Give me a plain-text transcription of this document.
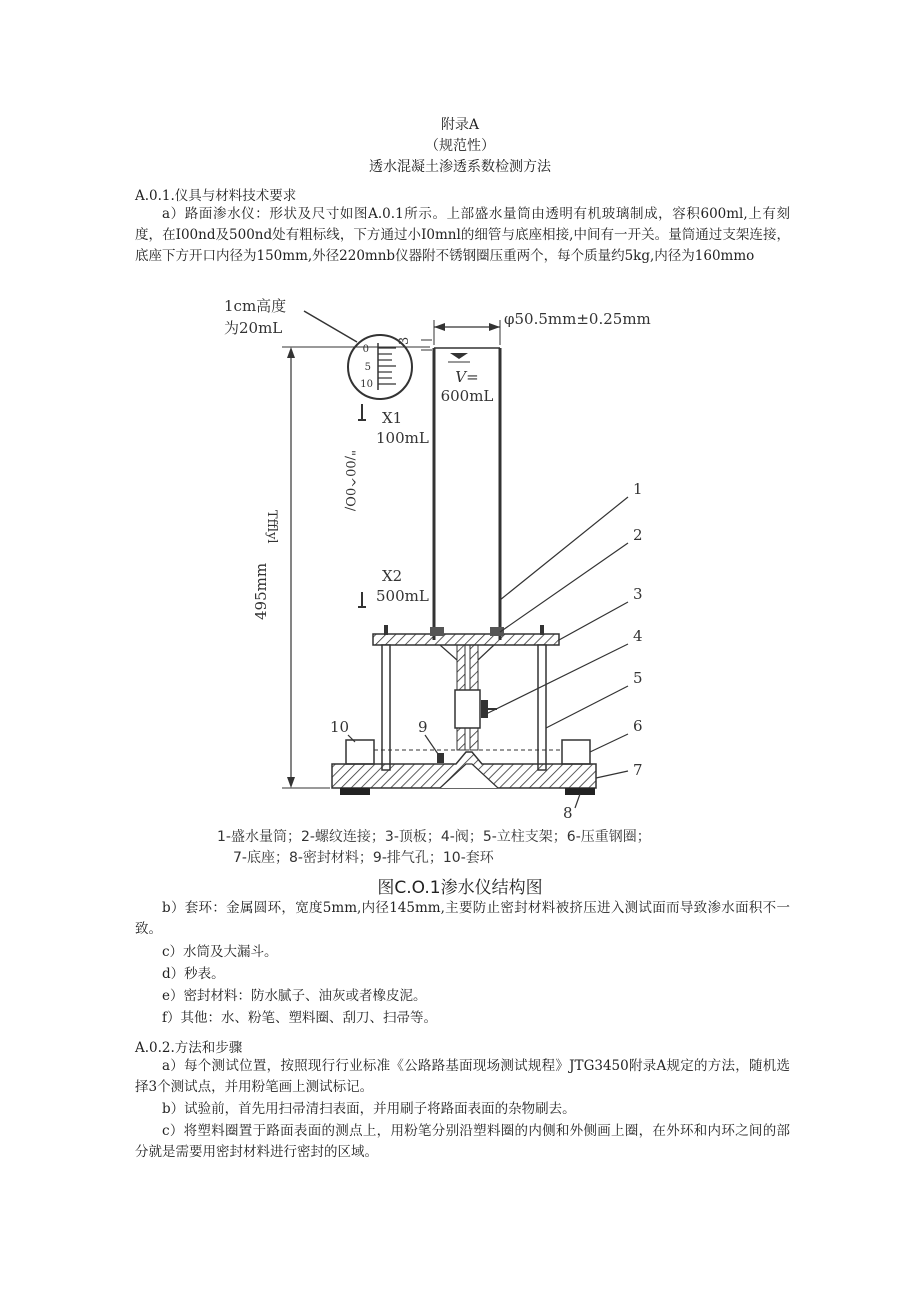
附录A
（规范性）
透水混凝土渗透系数检测方法
A.0.1.仪具与材料技术要求
a）路面渗水仪：形状及尺寸如图A.0.1所示。上部盛水量筒由透明有机玻璃制成，容积600ml,上有刻度，在I00nd及500nd处有粗标线，下方通过小I0mnl的细管与底座相接,中间有一开关。量筒通过支架连接，底座下方开口内径为150mm,外径220mnb仪器附不锈钢圈压重两个，每个质量约5kg,内径为160mmo
1cm高度
为20mL
0
5
10
3
φ50.5mm±0.25mm
V=
600mL
X1
100mL
X2
500mL
495mm
Tfflyl
"/00^0O/	1
2
3
4
5
6
7
8
9
10
1-盛水量筒；2-螺纹连接；3-顶板；4-阀；5-立柱支架；6-压重钢圈；
7-底座；8-密封材料；9-排气孔；10-套环
图C.O.1渗水仪结构图
b）套环：金属圆环，宽度5mm,内径145mm,主要防止密封材料被挤压进入测试面而导致渗水面积不一致。
c）水筒及大漏斗。
d）秒表。
e）密封材料：防水腻子、油灰或者橡皮泥。
f）其他：水、粉笔、塑料圈、刮刀、扫帚等。
A.0.2.方法和步骤
a）每个测试位置，按照现行行业标准《公路路基面现场测试规程》JTG3450附录A规定的方法，随机选择3个测试点，并用粉笔画上测试标记。
b）试验前，首先用扫帚清扫表面，并用刷子将路面表面的杂物刷去。
c）将塑料圈置于路面表面的测点上，用粉笔分别沿塑料圈的内侧和外侧画上圈，在外环和内环之间的部分就是需要用密封材料进行密封的区域。
